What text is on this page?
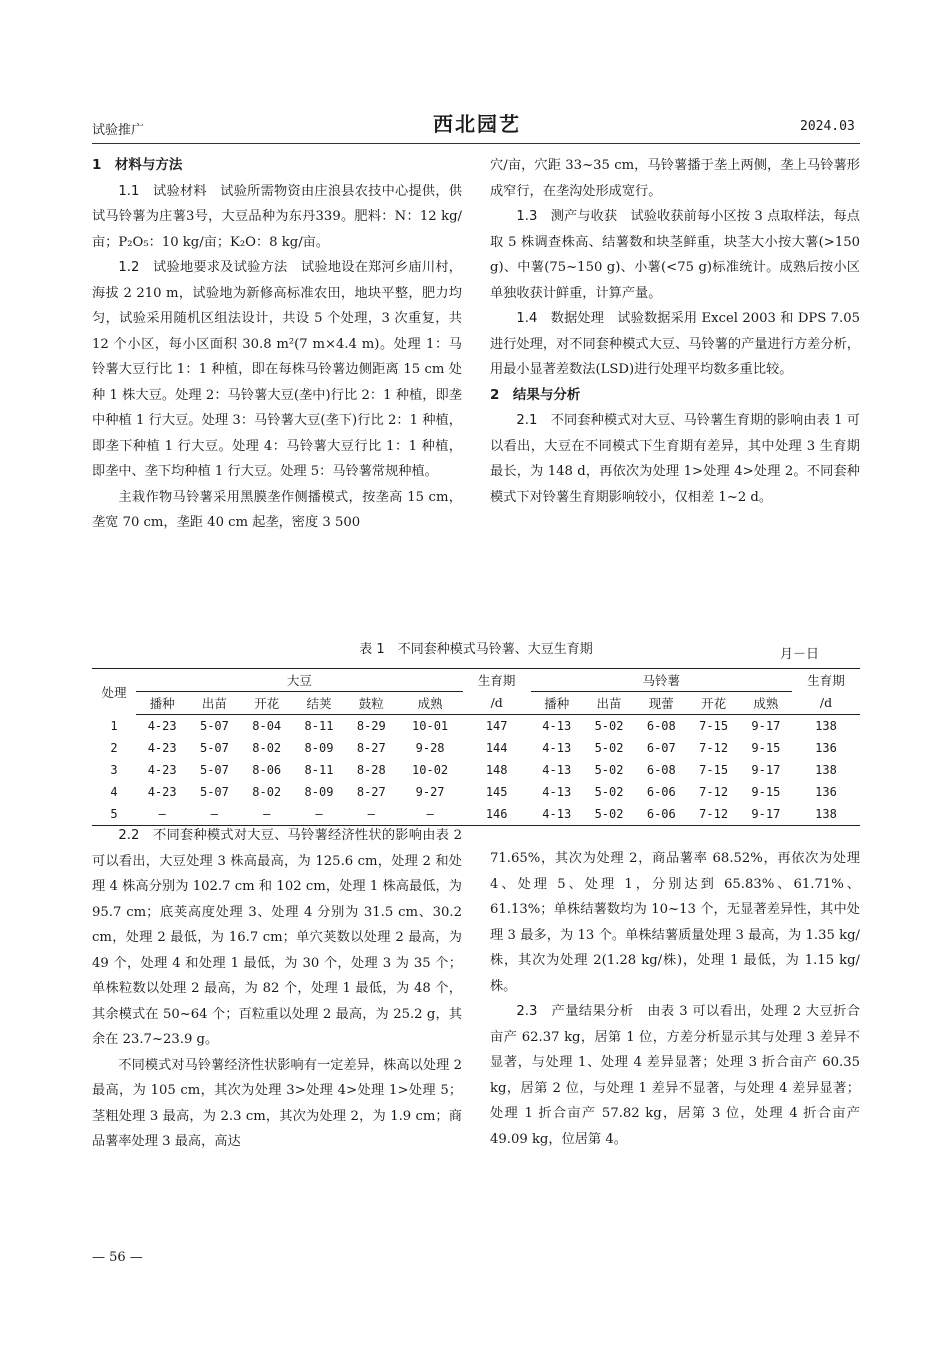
试验推广	西北园艺	2024.03

1　材料与方法

1.1　试验材料　试验所需物资由庄浪县农技中心提供，供试马铃薯为庄薯3号，大豆品种为东丹339。肥料：N：12 kg/亩；P₂O₅：10 kg/亩；K₂O：8 kg/亩。

1.2　试验地要求及试验方法　试验地设在郑河乡庙川村，海拔 2 210 m，试验地为新修高标准农田，地块平整，肥力均匀，试验采用随机区组法设计，共设 5 个处理，3 次重复，共 12 个小区，每小区面积 30.8 m²(7 m×4.4 m)。处理 1：马铃薯大豆行比 1：1 种植，即在每株马铃薯边侧距离 15 cm 处种 1 株大豆。处理 2：马铃薯大豆(垄中)行比 2：1 种植，即垄中种植 1 行大豆。处理 3：马铃薯大豆(垄下)行比 2：1 种植，即垄下种植 1 行大豆。处理 4：马铃薯大豆行比 1：1 种植，即垄中、垄下均种植 1 行大豆。处理 5：马铃薯常规种植。

主栽作物马铃薯采用黑膜垄作侧播模式，按垄高 15 cm，垄宽 70 cm，垄距 40 cm 起垄，密度 3 500

穴/亩，穴距 33~35 cm，马铃薯播于垄上两侧，垄上马铃薯形成窄行，在垄沟处形成宽行。

1.3　测产与收获　试验收获前每小区按 3 点取样法，每点取 5 株调查株高、结薯数和块茎鲜重，块茎大小按大薯(>150 g)、中薯(75~150 g)、小薯(<75 g)标准统计。成熟后按小区单独收获计鲜重，计算产量。

1.4　数据处理　试验数据采用 Excel 2003 和 DPS 7.05 进行处理，对不同套种模式大豆、马铃薯的产量进行方差分析，用最小显著差数法(LSD)进行处理平均数多重比较。

2　结果与分析

2.1　不同套种模式对大豆、马铃薯生育期的影响由表 1 可以看出，大豆在不同模式下生育期有差异，其中处理 3 生育期最长，为 148 d，再依次为处理 1>处理 4>处理 2。不同套种模式下对铃薯生育期影响较小，仅相差 1~2 d。

表 1　不同套种模式马铃薯、大豆生育期	月－日
处理	大豆						生育期	马铃薯					生育期
	播种	出苗	开花	结荚	鼓粒	成熟	/d	播种	出苗	现蕾	开花	成熟	/d
1	4-23	5-07	8-04	8-11	8-29	10-01	147	4-13	5-02	6-08	7-15	9-17	138
2	4-23	5-07	8-02	8-09	8-27	9-28	144	4-13	5-02	6-07	7-12	9-15	136
3	4-23	5-07	8-06	8-11	8-28	10-02	148	4-13	5-02	6-08	7-15	9-17	138
4	4-23	5-07	8-02	8-09	8-27	9-27	145	4-13	5-02	6-06	7-12	9-15	136
5	—	—	—	—	—	—	146	4-13	5-02	6-06	7-12	9-17	138

2.2　不同套种模式对大豆、马铃薯经济性状的影响由表 2 可以看出，大豆处理 3 株高最高，为 125.6 cm，处理 2 和处理 4 株高分别为 102.7 cm 和 102 cm，处理 1 株高最低，为 95.7 cm；底荚高度处理 3、处理 4 分别为 31.5 cm、30.2 cm，处理 2 最低，为 16.7 cm；单穴荚数以处理 2 最高，为 49 个，处理 4 和处理 1 最低，为 30 个，处理 3 为 35 个；单株粒数以处理 2 最高，为 82 个，处理 1 最低，为 48 个，其余模式在 50~64 个；百粒重以处理 2 最高，为 25.2 g，其余在 23.7~23.9 g。

不同模式对马铃薯经济性状影响有一定差异，株高以处理 2 最高，为 105 cm，其次为处理 3>处理 4>处理 1>处理 5；茎粗处理 3 最高，为 2.3 cm，其次为处理 2，为 1.9 cm；商品薯率处理 3 最高，高达

71.65%，其次为处理 2，商品薯率 68.52%，再依次为处理 4、处理 5、处理 1，分别达到 65.83%、61.71%、61.13%；单株结薯数均为 10~13 个，无显著差异性，其中处理 3 最多，为 13 个。单株结薯质量处理 3 最高，为 1.35 kg/株，其次为处理 2(1.28 kg/株)，处理 1 最低，为 1.15 kg/株。

2.3　产量结果分析　由表 3 可以看出，处理 2 大豆折合亩产 62.37 kg，居第 1 位，方差分析显示其与处理 3 差异不显著，与处理 1、处理 4 差异显著；处理 3 折合亩产 60.35 kg，居第 2 位，与处理 1 差异不显著，与处理 4 差异显著；处理 1 折合亩产 57.82 kg，居第 3 位，处理 4 折合亩产 49.09 kg，位居第 4。

— 56 —
